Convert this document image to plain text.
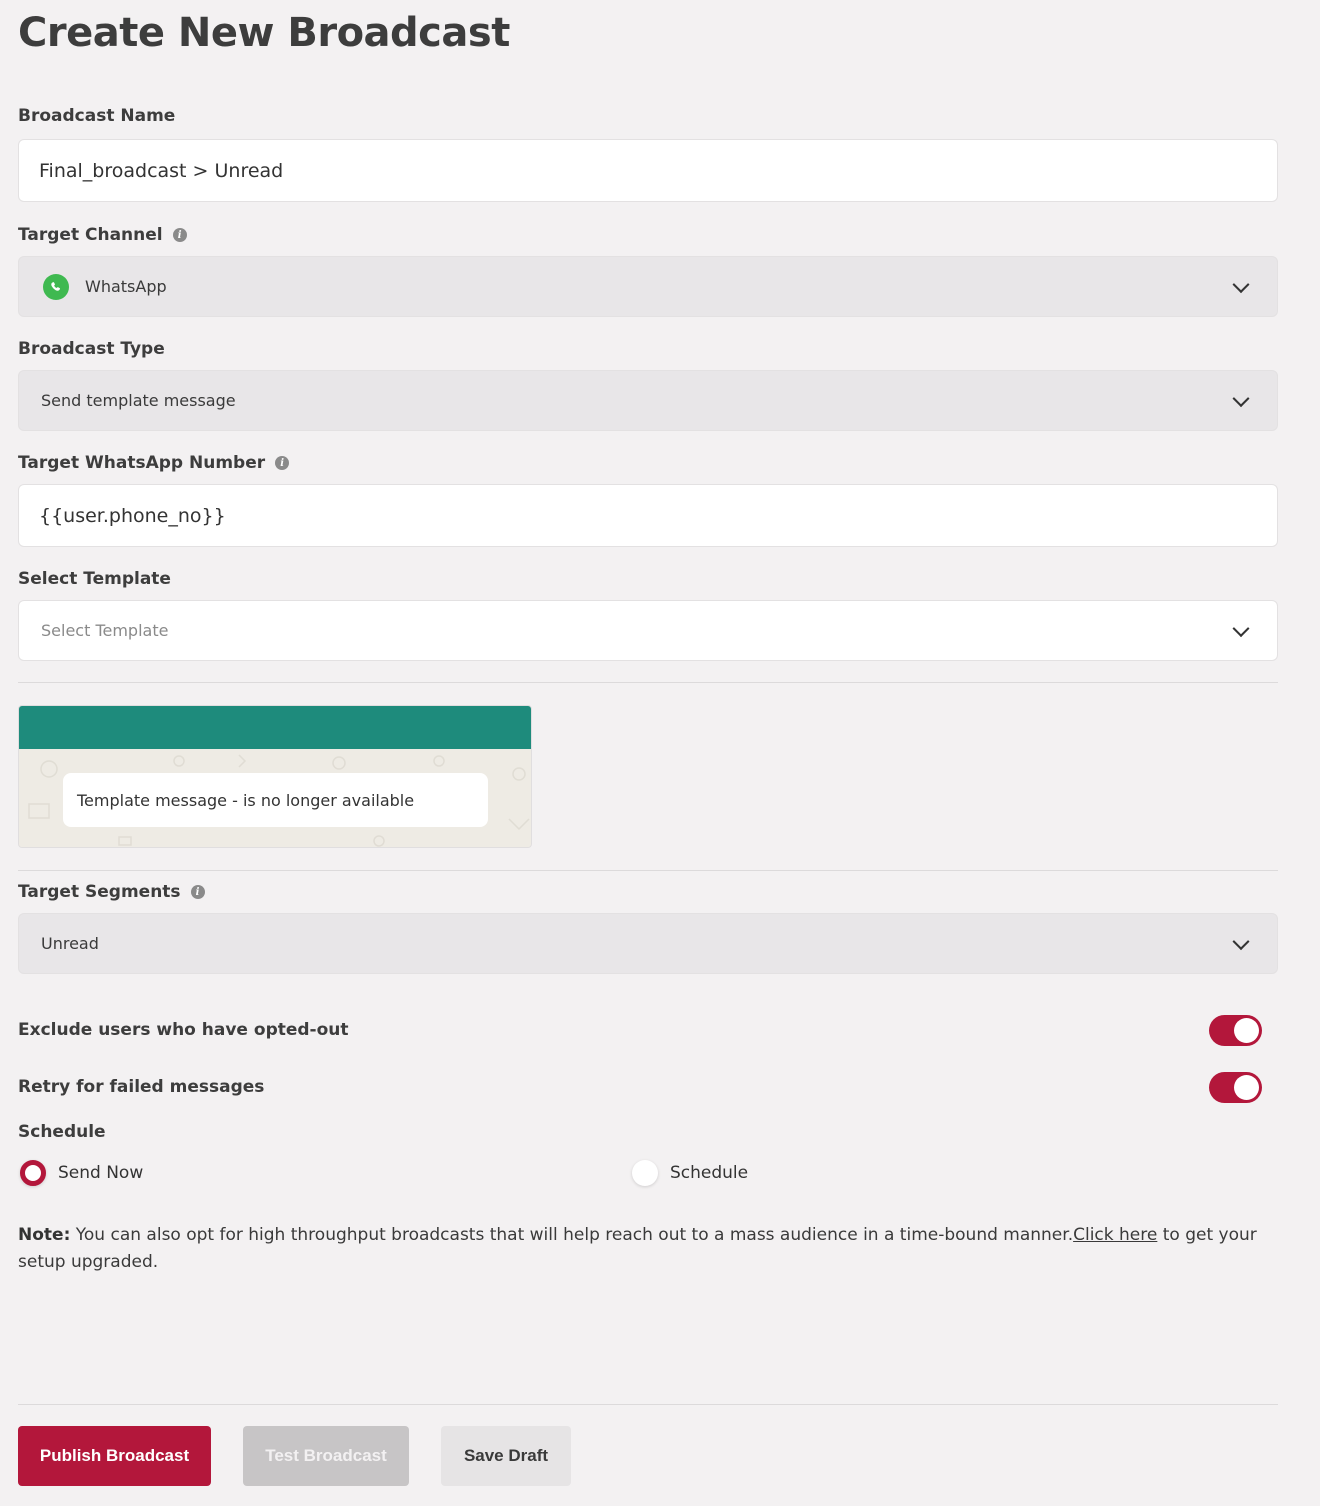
Create New Broadcast
Broadcast Name
Final_broadcast > Unread
Target Channel	i
WhatsApp
Broadcast Type
Send template message
Target WhatsApp Number	i
{{user.phone_no}}
Select Template
Select Template
Template message - is no longer available
Target Segments	i
Unread
Exclude users who have opted-out
Retry for failed messages
Schedule
Send Now	Schedule

Note: You can also opt for high throughput broadcasts that will help reach out to a mass audience in a time-bound manner.Click here to get your setup upgraded.

Publish Broadcast	Test Broadcast	Save Draft
